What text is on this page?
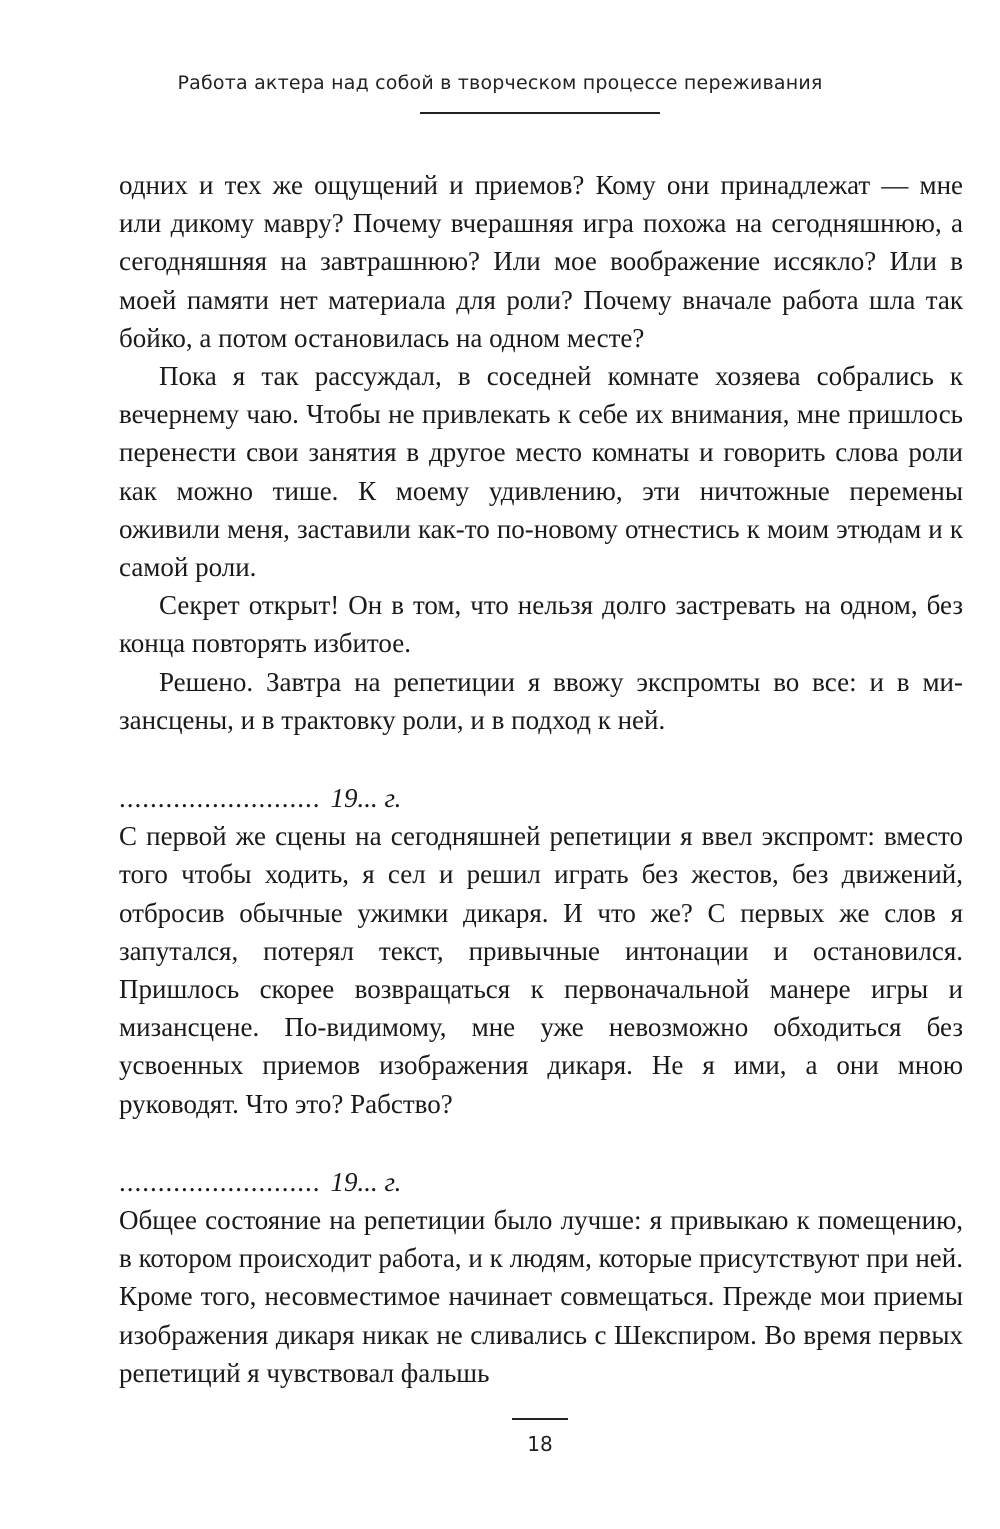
Работа актера над собой в творческом процессе переживания

одних и тех же ощущений и приемов? Кому они принадлежат — мне или дикому мавру? Почему вчерашняя игра похожа на сегодняшнюю, а сегодняшняя на завтрашнюю? Или мое воображение иссякло? Или в моей памяти нет материала для роли? Почему вначале работа шла так бойко, а потом остановилась на одном месте?

Пока я так рассуждал, в соседней комнате хозяева собрались к вечернему чаю. Чтобы не привлекать к себе их внимания, мне пришлось перенести свои занятия в другое место комнаты и говорить слова роли как можно тише. К моему удивлению, эти ничтожные перемены оживили меня, заставили как-то по-новому отнестись к моим этюдам и к самой роли.

Секрет открыт! Он в том, что нельзя долго застревать на одном, без конца повторять избитое.

Решено. Завтра на репетиции я ввожу экспромты во все: и в мизансцены, и в трактовку роли, и в подход к ней.

.......................... 19... г.

С первой же сцены на сегодняшней репетиции я ввел экспромт: вместо того чтобы ходить, я сел и решил играть без жестов, без движений, отбросив обычные ужимки дикаря. И что же? С первых же слов я запутался, потерял текст, привычные интонации и остановился. Пришлось скорее возвращаться к первоначальной манере игры и мизансцене. По-видимому, мне уже невозможно обходиться без усвоенных приемов изображения дикаря. Не я ими, а они мною руководят. Что это? Рабство?

.......................... 19... г.

Общее состояние на репетиции было лучше: я привыкаю к помещению, в котором происходит работа, и к людям, которые присутствуют при ней. Кроме того, несовместимое начинает совмещаться. Прежде мои приемы изображения дикаря никак не сливались с Шекспиром. Во время первых репетиций я чувствовал фальшь

18
